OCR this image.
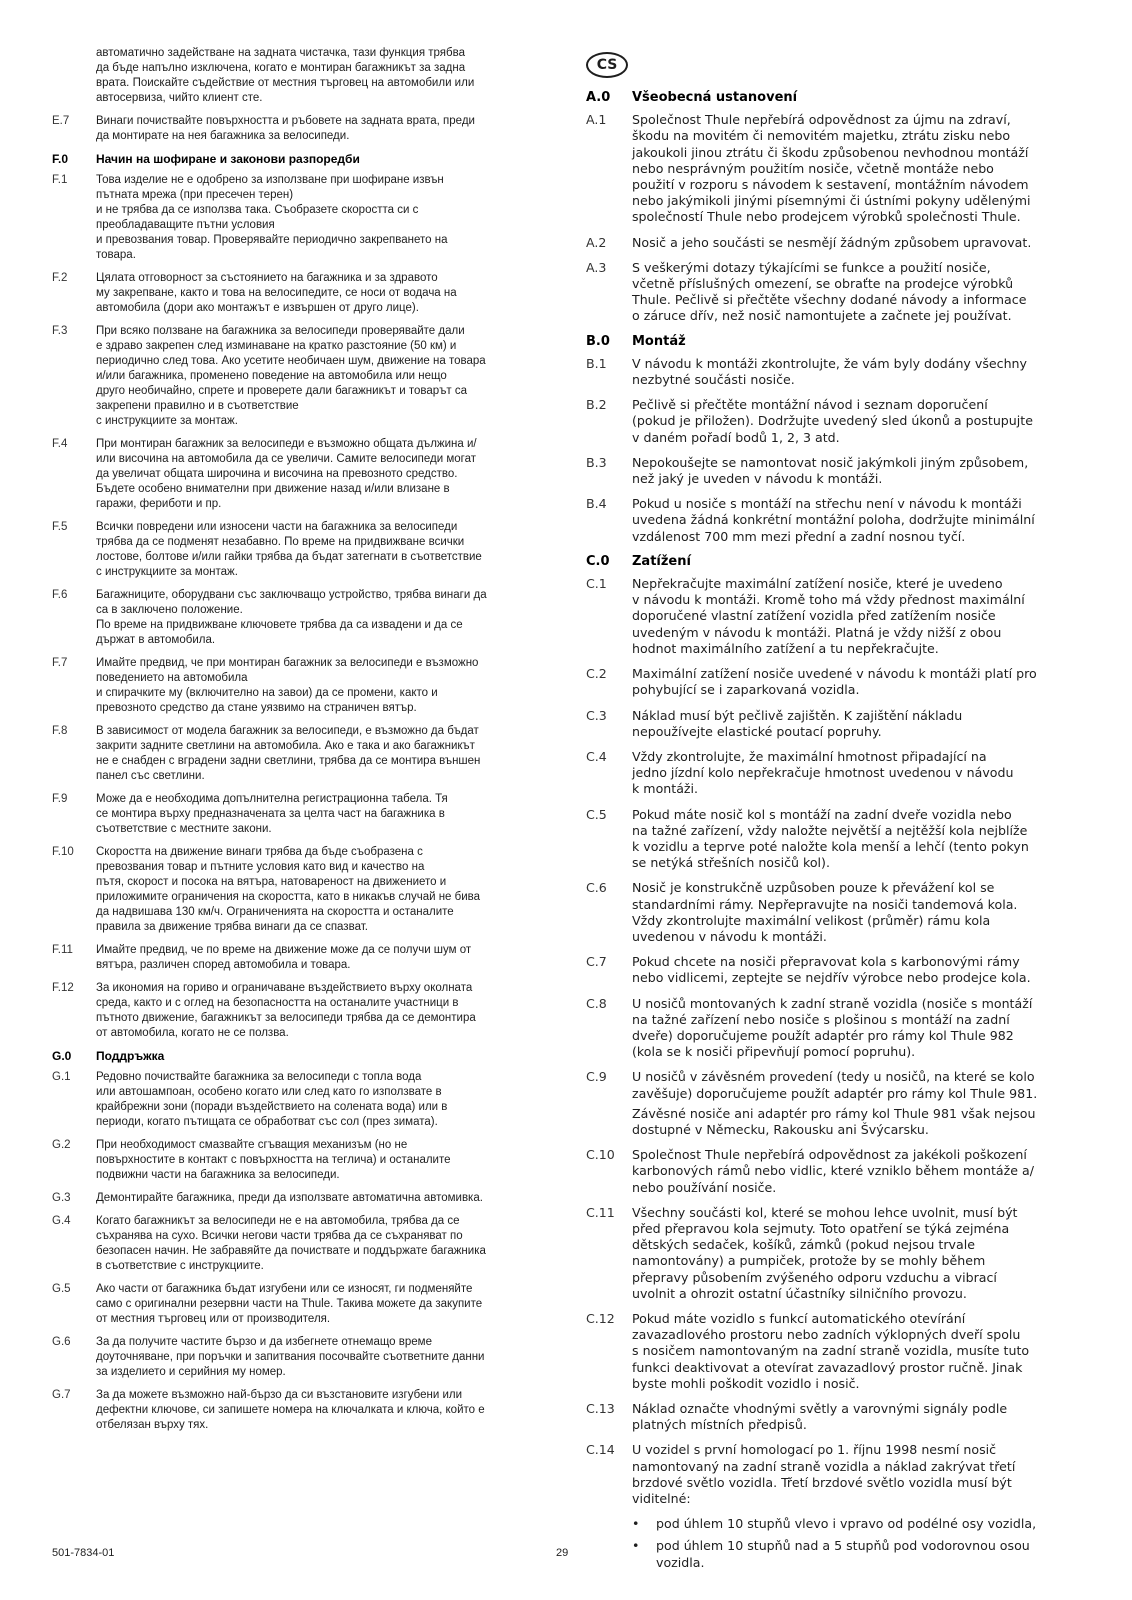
автоматично задействане на задната чистачка, тази функция трябва
да бъде напълно изключена, когато е монтиран багажникът за задна
врата. Поискайте съдействие от местния търговец на автомобили или
автосервиза, чийто клиент сте.
E.7	Винаги почиствайте повърхността и ръбовете на задната врата, преди
да монтирате на нея багажника за велосипеди.
F.0	Начин на шофиране и законови разпоредби
F.1	Това изделие не е одобрено за използване при шофиране извън
пътната мрежа (при пресечен терен)
и не трябва да се използва така. Съобразете скоростта си с
преобладаващите пътни условия
и превозвания товар. Проверявайте периодично закрепването на
товара.
F.2	Цялата отговорност за състоянието на багажника и за здравото
му закрепване, както и това на велосипедите, се носи от водача на
автомобила (дори ако монтажът е извършен от друго лице).
F.3	При всяко ползване на багажника за велосипеди проверявайте дали
е здраво закрепен след изминаване на кратко разстояние (50 км) и
периодично след това. Ако усетите необичаен шум, движение на товара
и/или багажника, променено поведение на автомобила или нещо
друго необичайно, спрете и проверете дали багажникът и товарът са
закрепени правилно и в съответствие
с инструкциите за монтаж.
F.4	При монтиран багажник за велосипеди е възможно общата дължина и/
или височина на автомобила да се увеличи. Самите велосипеди могат
да увеличат общата широчина и височина на превозното средство.
Бъдете особено внимателни при движение назад и/или влизане в
гаражи, фериботи и пр.
F.5	Всички повредени или износени части на багажника за велосипеди
трябва да се подменят незабавно. По време на придвижване всички
лостове, болтове и/или гайки трябва да бъдат затегнати в съответствие
с инструкциите за монтаж.
F.6	Багажниците, оборудвани със заключващо устройство, трябва винаги да
са в заключено положение.
По време на придвижване ключовете трябва да са извадени и да се
държат в автомобила.
F.7	Имайте предвид, че при монтиран багажник за велосипеди е възможно
поведението на автомобила
и спирачките му (включително на завои) да се промени, както и
превозното средство да стане уязвимо на страничен вятър.
F.8	В зависимост от модела багажник за велосипеди, е възможно да бъдат
закрити задните светлини на автомобила. Ако е така и ако багажникът
не е снабден с вградени задни светлини, трябва да се монтира външен
панел със светлини.
F.9	Може да е необходима допълнителна регистрационна табела. Тя
се монтира върху предназначената за целта част на багажника в
съответствие с местните закони.
F.10	Скоростта на движение винаги трябва да бъде съобразена с
превозвания товар и пътните условия като вид и качество на
пътя, скорост и посока на вятъра, натовареност на движението и
приложимите ограничения на скоростта, като в никакъв случай не бива
да надвишава 130 км/ч. Ограниченията на скоростта и останалите
правила за движение трябва винаги да се спазват.
F.11	Имайте предвид, че по време на движение може да се получи шум от
вятъра, различен според автомобила и товара.
F.12	За икономия на гориво и ограничаване въздействието върху околната
среда, както и с оглед на безопасността на останалите участници в
пътното движение, багажникът за велосипеди трябва да се демонтира
от автомобила, когато не се ползва.
G.0	Поддръжка
G.1	Редовно почиствайте багажника за велосипеди с топла вода
или автошампоан, особено когато или след като го използвате в
крайбрежни зони (поради въздействието на солената вода) или в
периоди, когато пътищата се обработват със сол (през зимата).
G.2	При необходимост смазвайте сгъващия механизъм (но не
повърхностите в контакт с повърхността на теглича) и останалите
подвижни части на багажника за велосипеди.
G.3	Демонтирайте багажника, преди да използвате автоматична автомивка.
G.4	Когато багажникът за велосипеди не е на автомобила, трябва да се
съхранява на сухо. Всички негови части трябва да се съхраняват по
безопасен начин. Не забравяйте да почиствате и поддържате багажника
в съответствие с инструкциите.
G.5	Ако части от багажника бъдат изгубени или се износят, ги подменяйте
само с оригинални резервни части на Thule. Такива можете да закупите
от местния търговец или от производителя.
G.6	За да получите частите бързо и да избегнете отнемащо време
доуточняване, при поръчки и запитвания посочвайте съответните данни
за изделието и серийния му номер.
G.7	За да можете възможно най-бързо да си възстановите изгубени или
дефектни ключове, си запишете номера на ключалката и ключа, който е
отбелязан върху тях.
CS
A.0	Všeobecná ustanovení
A.1	Společnost Thule nepřebírá odpovědnost za újmu na zdraví,
škodu na movitém či nemovitém majetku, ztrátu zisku nebo
jakoukoli jinou ztrátu či škodu způsobenou nevhodnou montáží
nebo nesprávným použitím nosiče, včetně montáže nebo
použití v rozporu s návodem k sestavení, montážním návodem
nebo jakýmikoli jinými písemnými či ústními pokyny udělenými
společností Thule nebo prodejcem výrobků společnosti Thule.
A.2	Nosič a jeho součásti se nesmějí žádným způsobem upravovat.
A.3	S veškerými dotazy týkajícími se funkce a použití nosiče,
včetně příslušných omezení, se obraťte na prodejce výrobků
Thule. Pečlivě si přečtěte všechny dodané návody a informace
o záruce dřív, než nosič namontujete a začnete jej používat.
B.0	Montáž
B.1	V návodu k montáži zkontrolujte, že vám byly dodány všechny
nezbytné součásti nosiče.
B.2	Pečlivě si přečtěte montážní návod i seznam doporučení
(pokud je přiložen). Dodržujte uvedený sled úkonů a postupujte
v daném pořadí bodů 1, 2, 3 atd.
B.3	Nepokoušejte se namontovat nosič jakýmkoli jiným způsobem,
než jaký je uveden v návodu k montáži.
B.4	Pokud u nosiče s montáží na střechu není v návodu k montáži
uvedena žádná konkrétní montážní poloha, dodržujte minimální
vzdálenost 700 mm mezi přední a zadní nosnou tyčí.
C.0	Zatížení
C.1	Nepřekračujte maximální zatížení nosiče, které je uvedeno
v návodu k montáži. Kromě toho má vždy přednost maximální
doporučené vlastní zatížení vozidla před zatížením nosiče
uvedeným v návodu k montáži. Platná je vždy nižší z obou
hodnot maximálního zatížení a tu nepřekračujte.
C.2	Maximální zatížení nosiče uvedené v návodu k montáži platí pro
pohybující se i zaparkovaná vozidla.
C.3	Náklad musí být pečlivě zajištěn. K zajištění nákladu
nepoužívejte elastické poutací popruhy.
C.4	Vždy zkontrolujte, že maximální hmotnost připadající na
jedno jízdní kolo nepřekračuje hmotnost uvedenou v návodu
k montáži.
C.5	Pokud máte nosič kol s montáží na zadní dveře vozidla nebo
na tažné zařízení, vždy naložte největší a nejtěžší kola nejblíže
k vozidlu a teprve poté naložte kola menší a lehčí (tento pokyn
se netýká střešních nosičů kol).
C.6	Nosič je konstrukčně uzpůsoben pouze k převážení kol se
standardními rámy. Nepřepravujte na nosiči tandemová kola.
Vždy zkontrolujte maximální velikost (průměr) rámu kola
uvedenou v návodu k montáži.
C.7	Pokud chcete na nosiči přepravovat kola s karbonovými rámy
nebo vidlicemi, zeptejte se nejdřív výrobce nebo prodejce kola.
C.8	U nosičů montovaných k zadní straně vozidla (nosiče s montáží
na tažné zařízení nebo nosiče s plošinou s montáží na zadní
dveře) doporučujeme použít adaptér pro rámy kol Thule 982
(kola se k nosiči připevňují pomocí popruhu).
C.9	U nosičů v závěsném provedení (tedy u nosičů, na které se kolo
zavěšuje) doporučujeme použít adaptér pro rámy kol Thule 981.
Závěsné nosiče ani adaptér pro rámy kol Thule 981 však nejsou
dostupné v Německu, Rakousku ani Švýcarsku.
C.10	Společnost Thule nepřebírá odpovědnost za jakékoli poškození
karbonových rámů nebo vidlic, které vzniklo během montáže a/
nebo používání nosiče.
C.11	Všechny součásti kol, které se mohou lehce uvolnit, musí být
před přepravou kola sejmuty. Toto opatření se týká zejména
dětských sedaček, košíků, zámků (pokud nejsou trvale
namontovány) a pumpiček, protože by se mohly během
přepravy působením zvýšeného odporu vzduchu a vibrací
uvolnit a ohrozit ostatní účastníky silničního provozu.
C.12	Pokud máte vozidlo s funkcí automatického otevírání
zavazadlového prostoru nebo zadních výklopných dveří spolu
s nosičem namontovaným na zadní straně vozidla, musíte tuto
funkci deaktivovat a otevírat zavazadlový prostor ručně. Jinak
byste mohli poškodit vozidlo i nosič.
C.13	Náklad označte vhodnými světly a varovnými signály podle
platných místních předpisů.
C.14	U vozidel s první homologací po 1. říjnu 1998 nesmí nosič
namontovaný na zadní straně vozidla a náklad zakrývat třetí
brzdové světlo vozidla. Třetí brzdové světlo vozidla musí být
viditelné:
•	pod úhlem 10 stupňů vlevo i vpravo od podélné osy vozidla,
•	pod úhlem 10 stupňů nad a 5 stupňů pod vodorovnou osou vozidla.
501-7834-01	29
